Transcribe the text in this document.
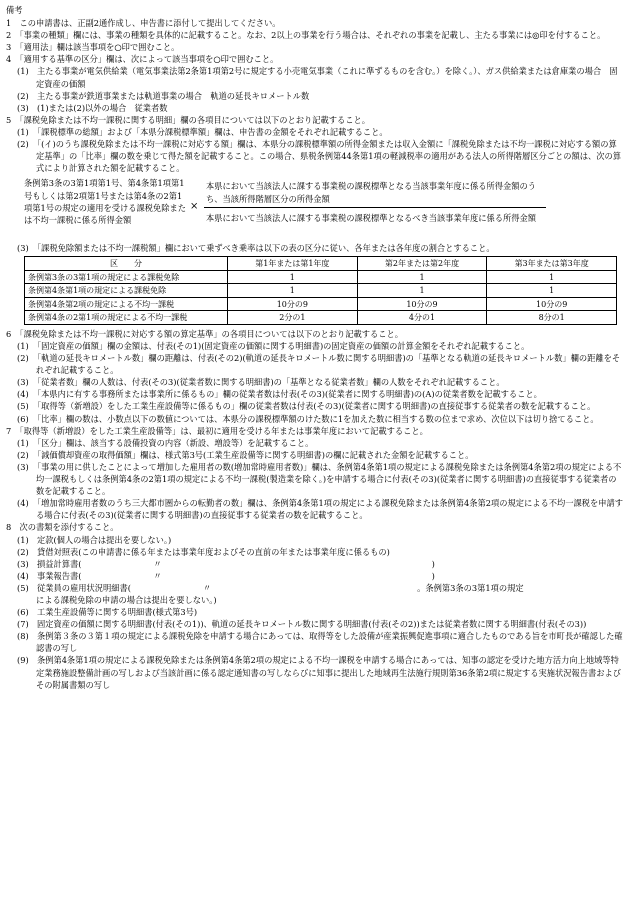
備考
1　 この申請書は、正副2通作成し、申告書に添付して提出してください。
2　 「事業の種類」欄には、事業の種類を具体的に記載すること。なお、2以上の事業を行う場合は、それぞれの事業を記載し、主たる事業には◎印を付すること。
3　 「適用法」欄は該当事項を○印で囲むこと。
4　 「適用する基準の区分」欄は、次によって該当事項を○印で囲むこと。
(1)　 主たる事業が電気供給業（電気事業法第2条第1項第2号に規定する小売電気事業（これに準ずるものを含む。）を除く。）、ガス供給業または倉庫業の場合　固定資産の価額
(2)　 主たる事業が鉄道事業または軌道事業の場合　軌道の延長キロメートル数
(3)　 (1)または(2)以外の場合　従業者数
5　 「課税免除または不均一課税に関する明細」欄の各項目については以下のとおり記載すること。
(1)　 「課税標準の総額」および「本県分課税標準額」欄は、申告書の金額をそれぞれ記載すること。
(2)　 「(イ)のうち課税免除または不均一課税に対応する額」欄は、本県分の課税標準額の所得金額または収入金額に「課税免除または不均一課税に対応する額の算定基準」の「比率」欄の数を乗じて得た額を記載すること。この場合、県税条例第44条第1項の軽減税率の適用がある法人の所得階層区分ごとの額は、次の算式により計算された額を記載すること。
条例第3条の3第1項第1号、第4条第1項第1号もしくは第2項第1号または第4条の2第1項第1号の規定の適用を受ける課税免除または不均一課税に係る所得金額
×
本県において当該法人に課する事業税の課税標準となる当該事業年度に係る所得金額のうち、当該所得階層区分の所得金額
本県において当該法人に課する事業税の課税標準となるべき当該事業年度に係る所得金額
(3)　 「課税免除額または不均一課税額」欄において乗ずべき乗率は以下の表の区分に従い、各年または各年度の割合とすること。
区　　分	第1年または第1年度	第2年または第2年度	第3年または第3年度
条例第3条の3第1項の規定による課税免除	1	1	1
条例第4条第1項の規定による課税免除	1	1	1
条例第4条第2項の規定による不均一課税	10分の9	10分の9	10分の9
条例第4条の2第1項の規定による不均一課税	2分の1	4分の1	8分の1
6　 「課税免除または不均一課税に対応する額の算定基準」の各項目については以下のとおり記載すること。
(1)　 「固定資産の価額」欄の金額は、付表(その1)(固定資産の価額に関する明細書)の固定資産の価額の計算金額をそれぞれ記載すること。
(2)　 「軌道の延長キロメートル数」欄の距離は、付表(その2)(軌道の延長キロメートル数に関する明細書)の「基準となる軌道の延長キロメートル数」欄の距離をそれぞれ記載すること。
(3)　 「従業者数」欄の人数は、付表(その3)(従業者数に関する明細書)の「基準となる従業者数」欄の人数をそれぞれ記載すること。
(4)　 「本県内に有する事務所または事業所に係るもの」欄の従業者数は付表(その3)(従業者に関する明細書)の(A)の従業者数を記載すること。
(5)　 「取得等（新増設）をした工業生産設備等に係るもの」欄の従業者数は付表(その3)(従業者に関する明細書)の直接従事する従業者の数を記載すること。
(6)　 「比率」欄の数は、小数点以下の数値については、本県分の課税標準額のけた数に1を加えた数に相当する数の位まで求め、次位以下は切り捨てること。
7　 「取得等（新増設）をした工業生産設備等」は、最初に適用を受ける年または事業年度において記載すること。
(1)　 「区分」欄は、該当する設備投資の内容（新設、増設等）を記載すること。
(2)　 「減価償却資産の取得価額」欄は、様式第3号(工業生産設備等に関する明細書)の欄に記載された金額を記載すること。
(3)　 「事業の用に供したことによって増加した雇用者の数(増加常時雇用者数)」欄は、条例第4条第1項の規定による課税免除または条例第4条第2項の規定による不均一課税もしくは条例第4条の2第1項の規定による不均一課税(製造業を除く。)を申請する場合に付表(その3)(従業者に関する明細書)の直接従事する従業者の数を記載すること。
(4)　 「増加常時雇用者数のうち三大都市圏からの転勤者の数」欄は、条例第4条第1項の規定による課税免除または条例第4条第2項の規定による不均一課税を申請する場合に付表(その3)(従業者に関する明細書)の直接従事する従業者の数を記載すること。
8　 次の書類を添付すること。
(1)　 定款(個人の場合は提出を要しない。)
(2)　 貸借対照表(この申請書に係る年または事業年度およびその直前の年または事業年度に係るもの)
(3)　 損益計算書(	〃	)
(4)　 事業報告書(	〃	)
(5)　 従業員の雇用状況明細書(	〃	。条例第3条の3第1項の規定
による課税免除の申請の場合は提出を要しない。)
(6)　 工業生産設備等に関する明細書(様式第3号)
(7)　 固定資産の価額に関する明細書(付表(その1))、軌道の延長キロメートル数に関する明細書(付表(その2))または従業者数に関する明細書(付表(その3))
(8)　 条例第３条の３第１項の規定による課税免除を申請する場合にあっては、取得等をした設備が産業振興促進事項に適合したものである旨を市町長が確認した確認書の写し
(9)　 条例第4条第1項の規定による課税免除または条例第4条第2項の規定による不均一課税を申請する場合にあっては、知事の認定を受けた地方活力向上地域等特定業務施設整備計画の写しおよび当該計画に係る認定通知書の写しならびに知事に提出した地域再生法施行規則第36条第2項に規定する実施状況報告書およびその附属書類の写し
